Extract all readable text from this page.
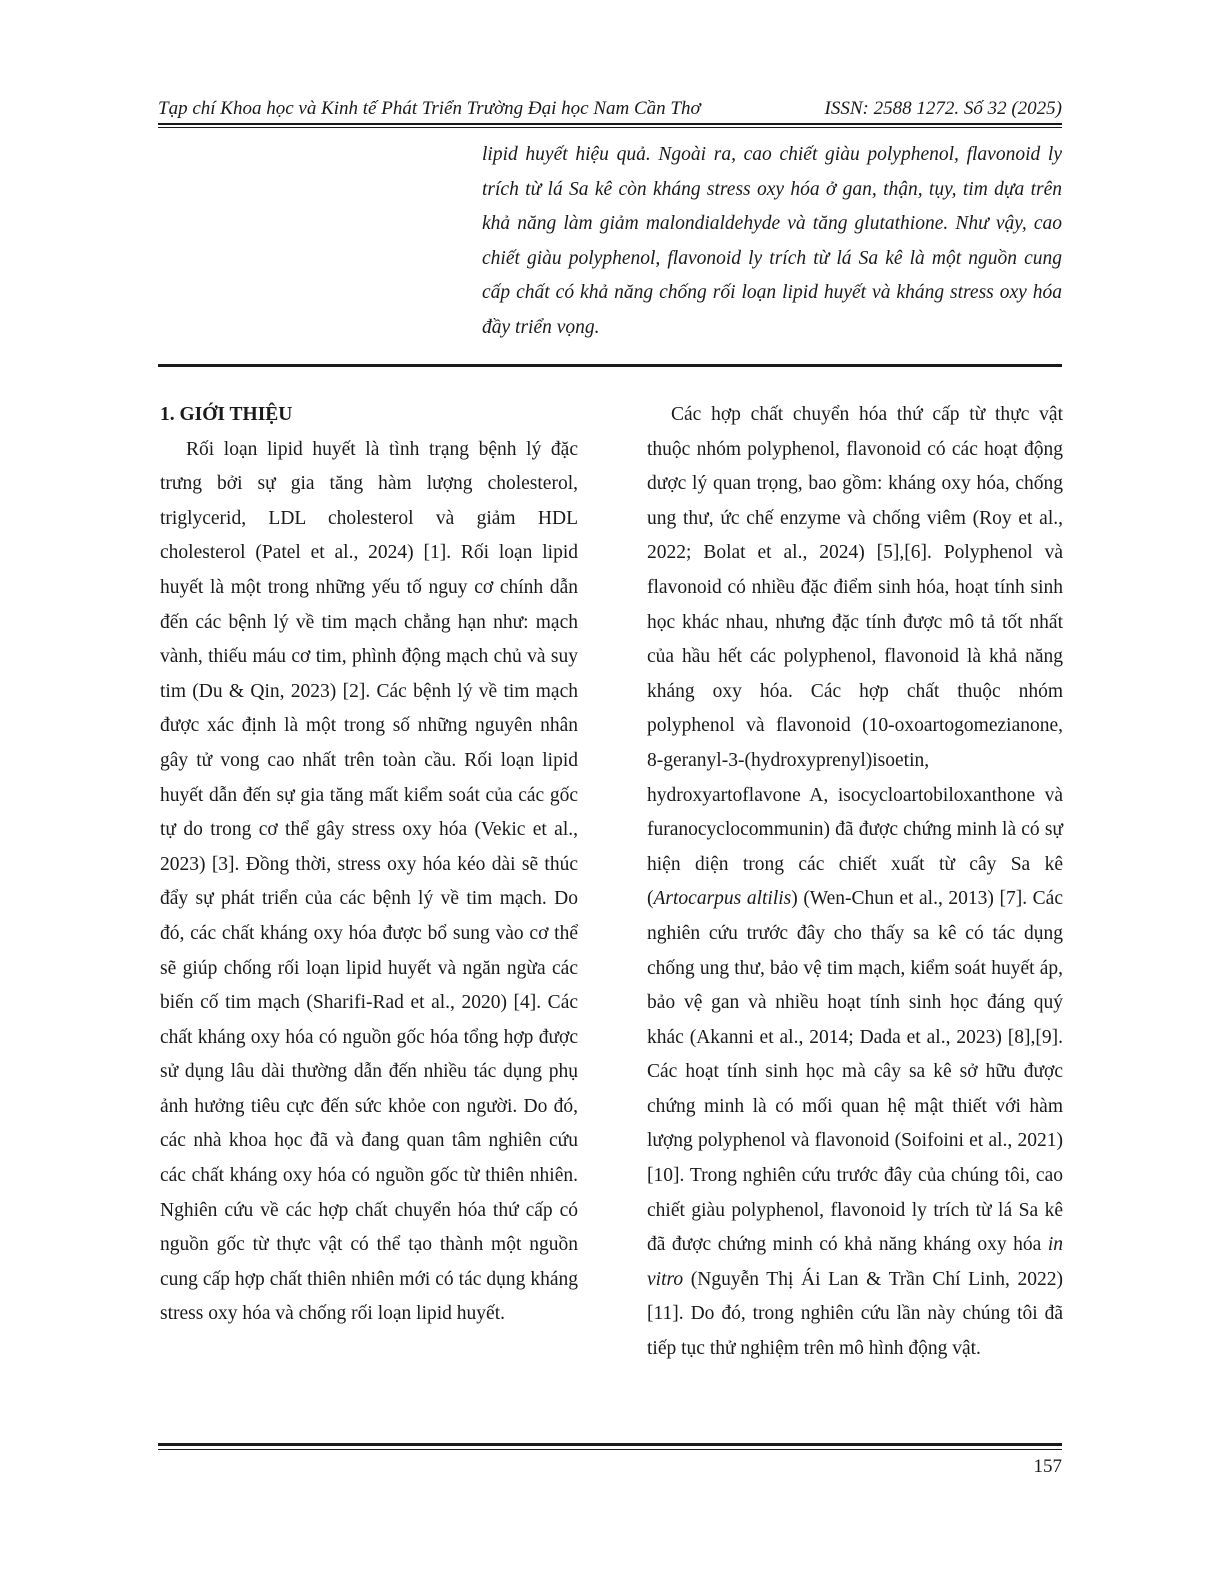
Tạp chí Khoa học và Kinh tế Phát Triển Trường Đại học Nam Cần Thơ	ISSN: 2588 1272. Số 32 (2025)

lipid huyết hiệu quả. Ngoài ra, cao chiết giàu polyphenol, flavonoid ly trích từ lá Sa kê còn kháng stress oxy hóa ở gan, thận, tụy, tim dựa trên khả năng làm giảm malondialdehyde và tăng glutathione. Như vậy, cao chiết giàu polyphenol, flavonoid ly trích từ lá Sa kê là một nguồn cung cấp chất có khả năng chống rối loạn lipid huyết và kháng stress oxy hóa đầy triển vọng.

1. GIỚI THIỆU

Rối loạn lipid huyết là tình trạng bệnh lý đặc trưng bởi sự gia tăng hàm lượng cholesterol, triglycerid, LDL cholesterol và giảm HDL cholesterol (Patel et al., 2024) [1]. Rối loạn lipid huyết là một trong những yếu tố nguy cơ chính dẫn đến các bệnh lý về tim mạch chẳng hạn như: mạch vành, thiếu máu cơ tim, phình động mạch chủ và suy tim (Du & Qin, 2023) [2]. Các bệnh lý về tim mạch được xác định là một trong số những nguyên nhân gây tử vong cao nhất trên toàn cầu. Rối loạn lipid huyết dẫn đến sự gia tăng mất kiểm soát của các gốc tự do trong cơ thể gây stress oxy hóa (Vekic et al., 2023) [3]. Đồng thời, stress oxy hóa kéo dài sẽ thúc đẩy sự phát triển của các bệnh lý về tim mạch. Do đó, các chất kháng oxy hóa được bổ sung vào cơ thể sẽ giúp chống rối loạn lipid huyết và ngăn ngừa các biến cố tim mạch (Sharifi-Rad et al., 2020) [4]. Các chất kháng oxy hóa có nguồn gốc hóa tổng hợp được sử dụng lâu dài thường dẫn đến nhiều tác dụng phụ ảnh hưởng tiêu cực đến sức khỏe con người. Do đó, các nhà khoa học đã và đang quan tâm nghiên cứu các chất kháng oxy hóa có nguồn gốc từ thiên nhiên. Nghiên cứu về các hợp chất chuyển hóa thứ cấp có nguồn gốc từ thực vật có thể tạo thành một nguồn cung cấp hợp chất thiên nhiên mới có tác dụng kháng stress oxy hóa và chống rối loạn lipid huyết.

Các hợp chất chuyển hóa thứ cấp từ thực vật thuộc nhóm polyphenol, flavonoid có các hoạt động dược lý quan trọng, bao gồm: kháng oxy hóa, chống ung thư, ức chế enzyme và chống viêm (Roy et al., 2022; Bolat et al., 2024) [5],[6]. Polyphenol và flavonoid có nhiều đặc điểm sinh hóa, hoạt tính sinh học khác nhau, nhưng đặc tính được mô tả tốt nhất của hầu hết các polyphenol, flavonoid là khả năng kháng oxy hóa. Các hợp chất thuộc nhóm polyphenol và flavonoid (10-oxoartogomezianone, 8-geranyl-3-(hydroxyprenyl)isoetin, hydroxyartoflavone A, isocycloartobiloxanthone và furanocyclocommunin) đã được chứng minh là có sự hiện diện trong các chiết xuất từ cây Sa kê (Artocarpus altilis) (Wen-Chun et al., 2013) [7]. Các nghiên cứu trước đây cho thấy sa kê có tác dụng chống ung thư, bảo vệ tim mạch, kiểm soát huyết áp, bảo vệ gan và nhiều hoạt tính sinh học đáng quý khác (Akanni et al., 2014; Dada et al., 2023) [8],[9]. Các hoạt tính sinh học mà cây sa kê sở hữu được chứng minh là có mối quan hệ mật thiết với hàm lượng polyphenol và flavonoid (Soifoini et al., 2021) [10]. Trong nghiên cứu trước đây của chúng tôi, cao chiết giàu polyphenol, flavonoid ly trích từ lá Sa kê đã được chứng minh có khả năng kháng oxy hóa in vitro (Nguyễn Thị Ái Lan & Trần Chí Linh, 2022) [11]. Do đó, trong nghiên cứu lần này chúng tôi đã tiếp tục thử nghiệm trên mô hình động vật.

157
